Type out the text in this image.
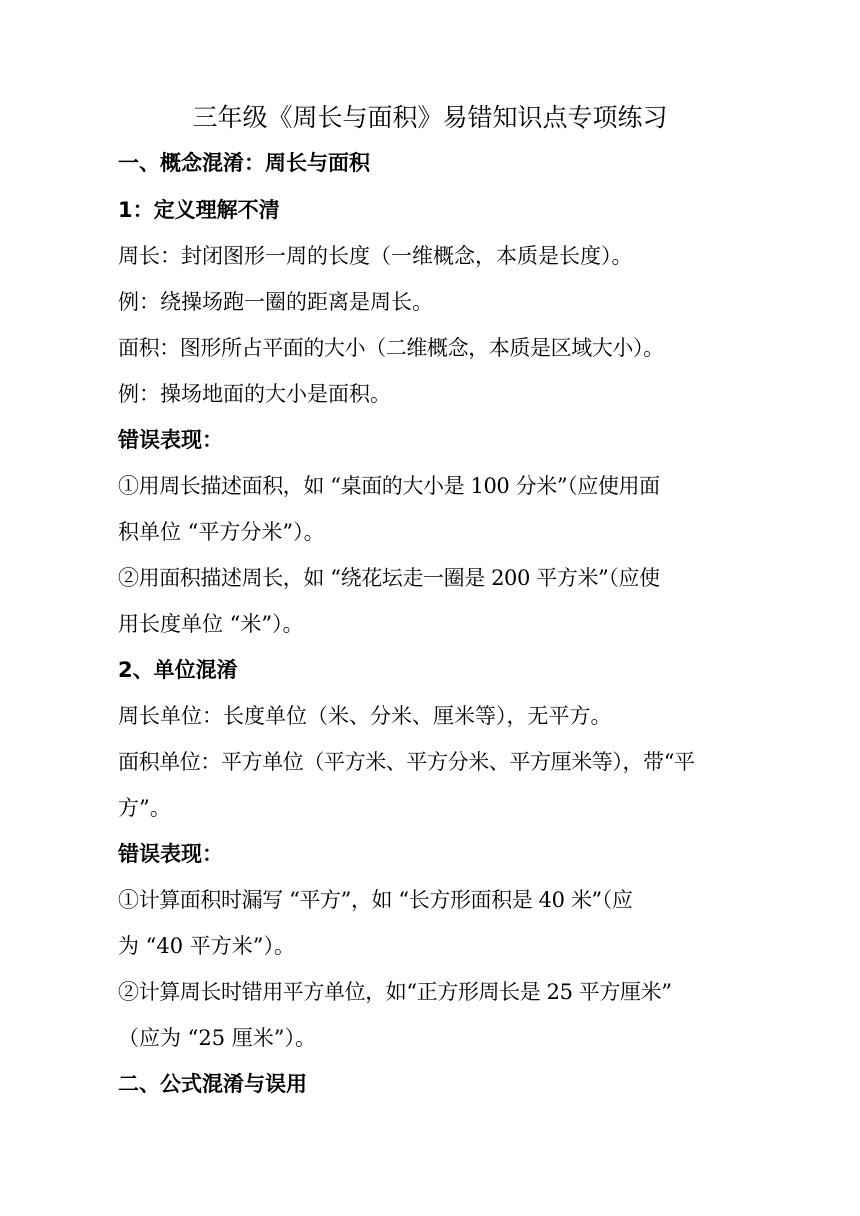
三年级《周长与面积》易错知识点专项练习
一、概念混淆：周长与面积
1：定义理解不清
周长：封闭图形一周的长度（一维概念，本质是长度）。
例：绕操场跑一圈的距离是周长。
面积：图形所占平面的大小（二维概念，本质是区域大小）。
例：操场地面的大小是面积。
错误表现：
①用周长描述面积，如 “桌面的大小是 100 分米”（应使用面
积单位 “平方分米”）。
②用面积描述周长，如 “绕花坛走一圈是 200 平方米”（应使
用长度单位 “米”）。
2、单位混淆
周长单位：长度单位（米、分米、厘米等），无平方。
面积单位：平方单位（平方米、平方分米、平方厘米等），带“平
方”。
错误表现：
①计算面积时漏写 “平方”，如 “长方形面积是 40 米”（应
为 “40 平方米”）。
②计算周长时错用平方单位，如“正方形周长是 25 平方厘米”
（应为 “25 厘米”）。
二、公式混淆与误用
